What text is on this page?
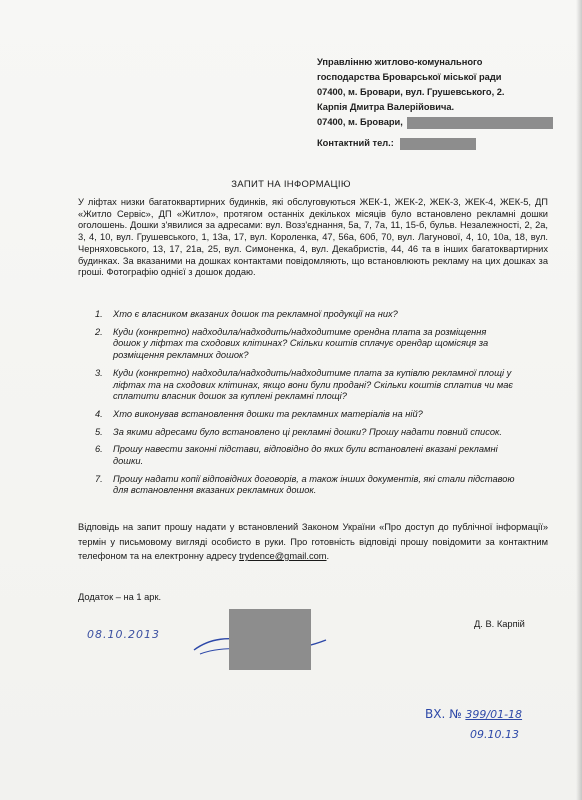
Управлінню житлово-комунального
господарства Броварської міської ради
07400, м. Бровари, вул. Грушевського, 2.
Карпія Дмитра Валерійовича.
07400, м. Бровари,
Контактний тел.:
ЗАПИТ НА ІНФОРМАЦІЮ

У ліфтах низки багатоквартирних будинків, які обслуговуються ЖЕК-1, ЖЕК-2, ЖЕК-3, ЖЕК-4, ЖЕК-5, ДП «Житло Сервіс», ДП «Житло», протягом останніх декількох місяців було встановлено рекламні дошки оголошень. Дошки з'явилися за адресами: вул. Возз'єднання, 5а, 7, 7а, 11, 15-б, бульв. Незалежності, 2, 2а, 3, 4, 10, вул. Грушевського, 1, 13а, 17, вул. Короленка, 47, 56а, 60б, 70, вул. Лагунової, 4, 10, 10а, 18, вул. Черняховського, 13, 17, 21а, 25, вул. Симоненка, 4, вул. Декабристів, 44, 46 та в інших багатоквартирних будинках. За вказаними на дошках контактами повідомляють, що встановлюють рекламу на цих дошках за гроші. Фотографію однієї з дошок додаю.

1. Хто є власником вказаних дошок та рекламної продукції на них?
2. Куди (конкретно) надходила/надходить/надходитиме орендна плата за розміщення дошок у ліфтах та сходових клітинах? Скільки коштів сплачує орендар щомісяця за розміщення рекламних дошок?
3. Куди (конкретно) надходила/надходить/надходитиме плата за купівлю рекламної площі у ліфтах та на сходових клітинах, якщо вони були продані? Скільки коштів сплатив чи має сплатити власник дошок за куплені рекламні площі?
4. Хто виконував встановлення дошки та рекламних матеріалів на ній?
5. За якими адресами було встановлено ці рекламні дошки? Прошу надати повний список.
6. Прошу навести законні підстави, відповідно до яких були встановлені вказані рекламні дошки.
7. Прошу надати копії відповідних договорів, а також інших документів, які стали підставою для встановлення вказаних рекламних дошок.
Відповідь на запит прошу надати у встановлений Законом України «Про доступ до публічної інформації» термін у письмовому вигляді особисто в руки. Про готовність відповіді прошу повідомити за контактним телефоном та на електронну адресу trydence@gmail.com.
Додаток – на 1 арк.
08.10.2013
Д. В. Карпій
ВХ. № 399/01-18
09.10.13
